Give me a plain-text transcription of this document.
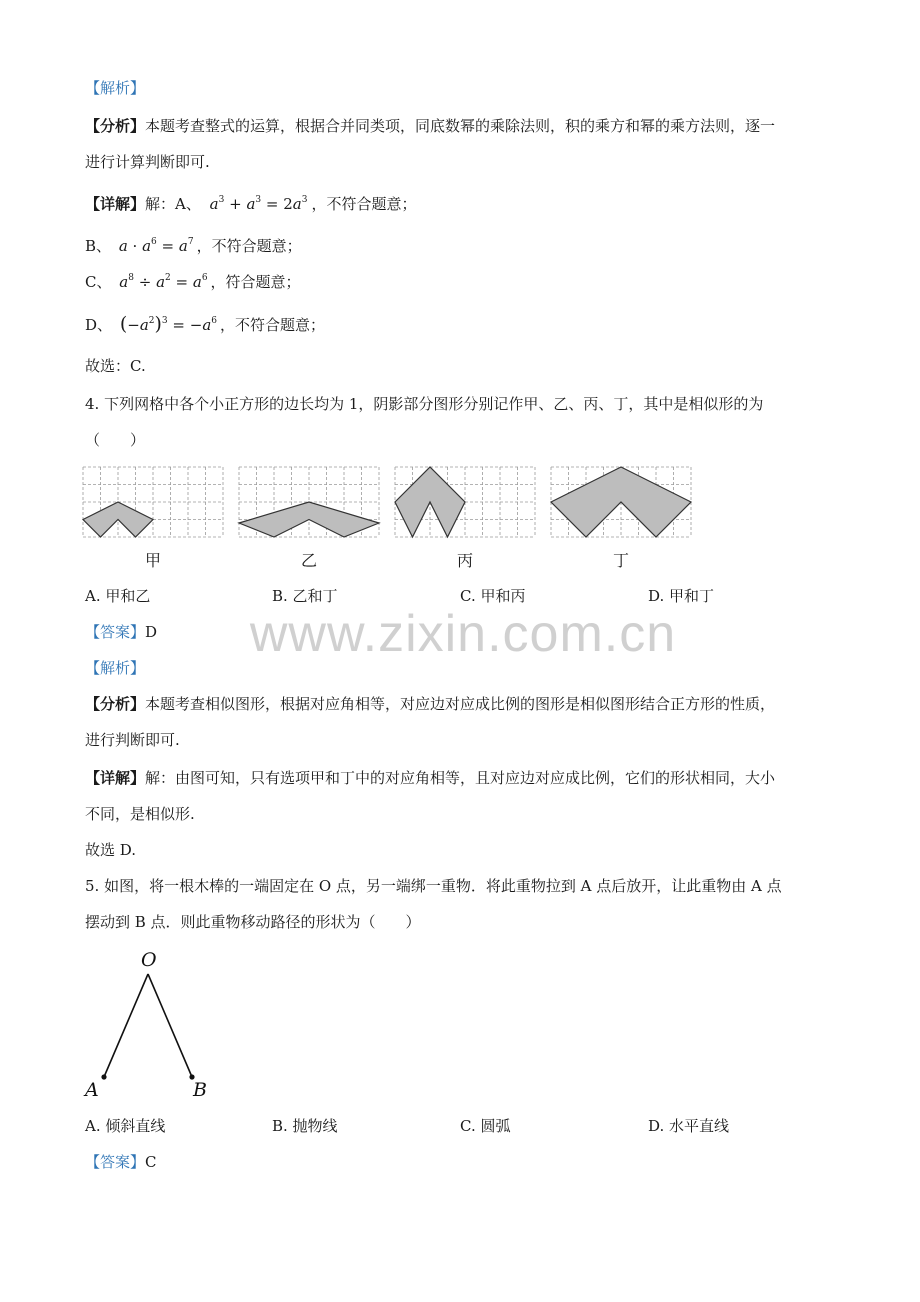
【解析】
【分析】本题考查整式的运算，根据合并同类项，同底数幂的乘除法则，积的乘方和幂的乘方法则，逐一
进行计算判断即可.
【详解】解：A、 $a^3 + a^3 = 2a^3$ ，不符合题意；
B、 $a \cdot a^6 = a^7$ ，不符合题意；
C、 $a^8 \div a^2 = a^6$ ，符合题意；
D、 $(-a^2)^3 = -a^6$ ，不符合题意；
故选：C.
4. 下列网格中各个小正方形的边长均为 1，阴影部分图形分别记作甲、乙、丙、丁，其中是相似形的为
（　　）
甲	乙	丙	丁
A. 甲和乙	B. 乙和丁	C. 甲和丙	D. 甲和丁
www.zixin.com.cn
【答案】D
【解析】
【分析】本题考查相似图形，根据对应角相等，对应边对应成比例的图形是相似图形结合正方形的性质，
进行判断即可.
【详解】解：由图可知，只有选项甲和丁中的对应角相等，且对应边对应成比例，它们的形状相同，大小
不同，是相似形.
故选 D.
5. 如图，将一根木棒的一端固定在 O 点，另一端绑一重物．将此重物拉到 A 点后放开，让此重物由 A 点
摆动到 B 点．则此重物移动路径的形状为（　　）
O
A	B
A. 倾斜直线	B. 抛物线	C. 圆弧	D. 水平直线
【答案】C
